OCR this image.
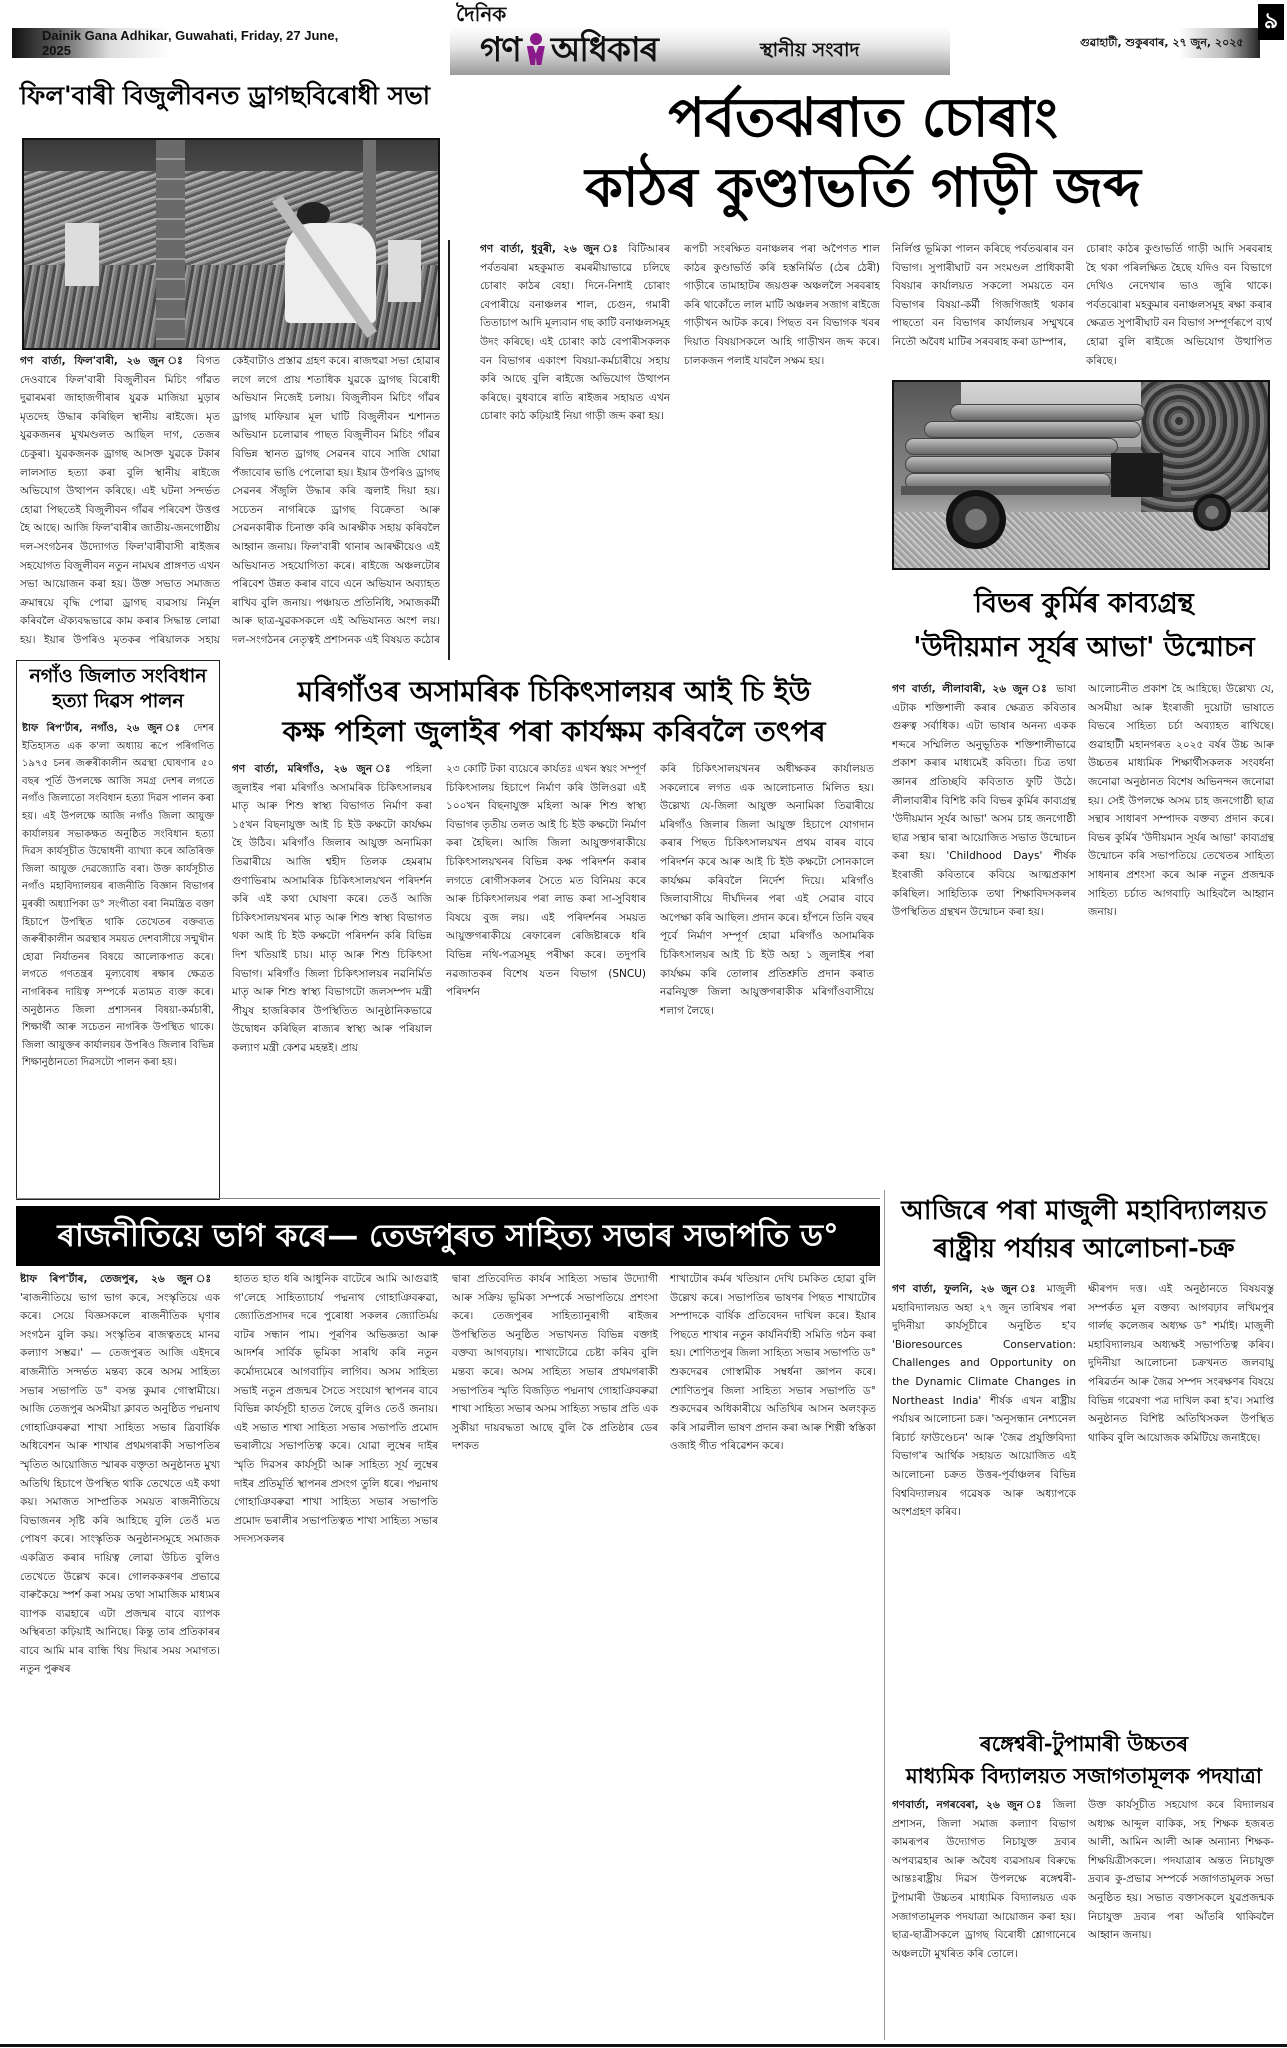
Dainik Gana Adhikar, Guwahati, Friday, 27 June, 2025
দৈনিক
গণ অধিকাৰ	স্থানীয় সংবাদ	গুৱাহাটী, শুকুৰবাৰ, ২৭ জুন, ২০২৫
৯
ফিল'বাৰী বিজুলীবনত ড্ৰাগছবিৰোধী সভা
গণ বাৰ্তা, ফিল'বাৰী, ২৬ জুন ঃ বিগত দেওবাৰে ফিল'বাৰী বিজুলীবন মিচিং গাঁৱত দুৱাৰমৰা জাহাজগীৰাৰ যুৱক মাজিয়া মুড়াৰ মৃতদেহ উদ্ধাৰ কৰিছিল স্থানীয় ৰাইজে। মৃত যুৱকজনৰ মুখমণ্ডলত আছিল দাগ, তেজৰ চেকুৰা। যুৱকজনক ড্ৰাগছ আসক্ত যুৱকে টকাৰ লালসাত হত্যা কৰা বুলি স্থানীয় ৰাইজে অভিযোগ উত্থাপন কৰিছে। এই ঘটনা সন্দৰ্ভত হোৱা পিছতেই বিজুলীবন গাঁৱৰ পৰিবেশ উত্তপ্ত হৈ আছে। আজি ফিল'বাৰীৰ জাতীয়-জনগোষ্ঠীয় দল-সংগঠনৰ উদ্যোগত ফিল'বাৰীবাসী ৰাইজৰ সহযোগত বিজুলীবন নতুন নামঘৰ প্ৰাঙ্গণত এখন সভা আয়োজন কৰা হয়। উক্ত সভাত সমাজত ক্ৰমান্বয়ে বৃদ্ধি পোৱা ড্ৰাগছ ব্যৱসায় নিৰ্মূল কৰিবলৈ ঐক্যবদ্ধভাৱে কাম কৰাৰ সিদ্ধান্ত লোৱা হয়। ইয়াৰ উপৰিও মৃতকৰ পৰিয়ালক সহায়
কেইবাটাও প্ৰস্তাৱ গ্ৰহণ কৰে। ৰাজহুৱা সভা হোৱাৰ লগে লগে প্ৰায় শতাধিক যুৱকে ড্ৰাগছ বিৰোধী অভিযান নিজেই চলায়। বিজুলীবন মিচিং গাঁৱৰ ড্ৰাগছ মাফিয়াৰ মূল ঘাটি বিজুলীবন শ্মশানত অভিযান চলোৱাৰ পাছত বিজুলীবন মিচিং গাঁৱৰ বিভিন্ন স্থানত ড্ৰাগছ সেৱনৰ বাবে সাজি থোৱা পঁজাবোৰ ভাঙি পেলোৱা হয়। ইয়াৰ উপৰিও ড্ৰাগছ সেৱনৰ সঁজুলি উদ্ধাৰ কৰি জ্বলাই দিয়া হয়। সচেতন নাগৰিকে ড্ৰাগছ বিক্ৰেতা আৰু সেৱনকাৰীক চিনাক্ত কৰি আৰক্ষীক সহায় কৰিবলৈ আহ্বান জনায়। ফিল'বাৰী থানাৰ আৰক্ষীয়েও এই অভিযানত সহযোগিতা কৰে। ৰাইজে অঞ্চলটোৰ পৰিবেশ উন্নত কৰাৰ বাবে এনে অভিযান অব্যাহত ৰাখিব বুলি জনায়। পঞ্চায়ত প্ৰতিনিধি, সমাজকৰ্মী আৰু ছাত্ৰ-যুৱকসকলে এই অভিযানত অংশ লয়। দল-সংগঠনৰ নেতৃত্বই প্ৰশাসনক এই বিষয়ত কঠোৰ
পৰ্বতঝৰাত চোৰাং
কাঠৰ কুণ্ডাভৰ্তি গাড়ী জব্দ
গণ বাৰ্তা, ধুবুৰী, ২৬ জুন ঃ বিটিআৰৰ পৰ্বতঝৰা মহকুমাত ৰমৰমীয়াভাৱে চলিছে চোৰাং কাঠৰ বেহা। দিনে-নিশাই চোৰাং বেপাৰীয়ে বনাঞ্চলৰ শাল, চেগুন, গমাৰী তিতাচাপ আদি মূল্যবান গছ কাটি বনাঞ্চলসমূহ উদং কৰিছে। এই চোৰাং কাঠ বেপাৰীসকলক বন বিভাগৰ একাংশ বিষয়া-কৰ্মচাৰীয়ে সহায় কৰি আছে বুলি ৰাইজে অভিযোগ উত্থাপন কৰিছে। বুধবাৰে ৰাতি ৰাইজৰ সহায়ত এখন চোৰাং কাঠ কঢ়িয়াই নিয়া গাড়ী জব্দ কৰা হয়।
ৰূপচী সংৰক্ষিত বনাঞ্চলৰ পৰা অপৈণত শাল কাঠৰ কুণ্ডাভৰ্তি কৰি হস্তনিৰ্মিত (ঠেৰ ঠেৰী) গাড়ীৰে তামাহাটৰ জয়গুৰু অঞ্চললৈ সৰবৰাহ কৰি থাকোঁতে লাল মাটি অঞ্চলৰ সজাগ ৰাইজে গাড়ীখন আটক কৰে। পিছত বন বিভাগক খবৰ দিয়াত বিষয়াসকলে আহি গাড়ীখন জব্দ কৰে। চালকজন পলাই যাবলৈ সক্ষম হয়।
নিৰ্লিপ্ত ভূমিকা পালন কৰিছে পৰ্বতঝৰাৰ বন বিভাগ। সুপাৰীঘাট বন সংমণ্ডল প্ৰাধিকাৰী বিষয়াৰ কাৰ্যালয়ত সকলো সময়তে বন বিভাগৰ বিষয়া-কৰ্মী গিজগিজাই থকাৰ পাছতো বন বিভাগৰ কাৰ্যালয়ৰ সম্মুখৰে নিতৌ অবৈধ মাটিৰ সৰবৰাহ কৰা ডাম্পাৰ,
চোৰাং কাঠৰ কুণ্ডাভৰ্তি গাড়ী আদি সৰবৰাহ হৈ থকা পৰিলক্ষিত হৈছে যদিও বন বিভাগে দেখিও নেদেখাৰ ভাও জুৰি থাকে। পৰ্বতঝোৰা মহকুমাৰ বনাঞ্চলসমূহ ৰক্ষা কৰাৰ ক্ষেত্ৰত সুপাৰীঘাট বন বিভাগ সম্পূৰ্ণৰূপে ব্যৰ্থ হোৱা বুলি ৰাইজে অভিযোগ উত্থাপিত কৰিছে।
নগাঁও জিলাত সংবিধান
হত্যা দিৱস পালন
ষ্টাফ ৰিপ'ৰ্টাৰ, নগাঁও, ২৬ জুন ঃ দেশৰ ইতিহাসত এক ক'লা অধ্যায় ৰূপে পৰিগণিত ১৯৭৫ চনৰ জৰুৰীকালীন অৱস্থা ঘোষণাৰ ৫০ বছৰ পূৰ্তি উপলক্ষে আজি সমগ্ৰ দেশৰ লগতে নগাঁও জিলাতো সংবিধান হত্যা দিৱস পালন কৰা হয়। এই উপলক্ষে আজি নগাঁও জিলা আয়ুক্ত কাৰ্যালয়ৰ সভাকক্ষত অনুষ্ঠিত সংবিধান হত্যা দিৱস কাৰ্যসূচীত উদ্বোধনী ব্যাখ্যা কৰে অতিৰিক্ত জিলা আয়ুক্ত দেৱজ্যোতি বৰা। উক্ত কাৰ্যসূচীত নগাঁও মহাবিদ্যালয়ৰ ৰাজনীতি বিজ্ঞান বিভাগৰ মুৰব্বী অধ্যাপিকা ড° সংগীতা বৰা নিমন্ত্ৰিত বক্তা হিচাপে উপস্থিত থাকি তেখেতৰ বক্তব্যত জৰুৰীকালীন অৱস্থাৰ সময়ত দেশবাসীয়ে সন্মুখীন হোৱা নিৰ্যাতনৰ বিষয়ে আলোকপাত কৰে। লগতে গণতন্ত্ৰৰ মূল্যবোধ ৰক্ষাৰ ক্ষেত্ৰত নাগৰিকৰ দায়িত্ব সম্পৰ্কে মতামত ব্যক্ত কৰে। অনুষ্ঠানত জিলা প্ৰশাসনৰ বিষয়া-কৰ্মচাৰী, শিক্ষাৰ্থী আৰু সচেতন নাগৰিক উপস্থিত থাকে। জিলা আয়ুক্তৰ কাৰ্যালয়ৰ উপৰিও জিলাৰ বিভিন্ন শিক্ষানুষ্ঠানতো দিৱসটো পালন কৰা হয়।
মৰিগাঁওৰ অসামৰিক চিকিৎসালয়ৰ আই চি ইউ
কক্ষ পহিলা জুলাইৰ পৰা কাৰ্যক্ষম কৰিবলৈ তৎপৰ
গণ বাৰ্তা, মৰিগাঁও, ২৬ জুন ঃ পহিলা জুলাইৰ পৰা মৰিগাঁও অসামৰিক চিকিৎসালয়ৰ মাতৃ আৰু শিশু স্বাস্থ্য বিভাগত নিৰ্মাণ কৰা ১৫খন বিছনাযুক্ত আই চি ইউ কক্ষটো কাৰ্যক্ষম হৈ উঠিব। মৰিগাঁও জিলাৰ আয়ুক্ত অনামিকা তিৱাৰীয়ে আজি শ্বহীদ তিলক হেমৰাম গুণাভিৰাম অসামৰিক চিকিৎসালয়খন পৰিদৰ্শন কৰি এই কথা ঘোষণা কৰে। তেওঁ আজি চিকিৎসালয়খনৰ মাতৃ আৰু শিশু স্বাস্থ্য বিভাগত থকা আই চি ইউ কক্ষটো পৰিদৰ্শন কৰি বিভিন্ন দিশ খতিয়াই চায়। মাতৃ আৰু শিশু চিকিৎসা বিভাগ। মৰিগাঁও জিলা চিকিৎসালয়ৰ নৱনিৰ্মিত মাতৃ আৰু শিশু স্বাস্থ্য বিভাগটো জলসম্পদ মন্ত্ৰী পীযুষ হাজৰিকাৰ উপস্থিতিত আনুষ্ঠানিকভাৱে উদ্বোধন কৰিছিল ৰাজ্যৰ স্বাস্থ্য আৰু পৰিয়াল কল্যাণ মন্ত্ৰী কেশৱ মহন্তই। প্ৰায়
২৩ কোটি টকা ব্যয়েৰে কাৰ্যতঃ এখন স্বয়ং সম্পূৰ্ণ চিকিৎসালয় হিচাপে নিৰ্মাণ কৰি উলিওৱা এই ১০০খন বিছনাযুক্ত মহিলা আৰু শিশু স্বাস্থ্য বিভাগৰ তৃতীয় তলত আই চি ইউ কক্ষটো নিৰ্মাণ কৰা হৈছিল। আজি জিলা আয়ুক্তগৰাকীয়ে চিকিৎসালয়খনৰ বিভিন্ন কক্ষ পৰিদৰ্শন কৰাৰ লগতে ৰোগীসকলৰ সৈতে মত বিনিময় কৰে আৰু চিকিৎসালয়ৰ পৰা লাভ কৰা সা-সুবিধাৰ বিষয়ে বুজ লয়। এই পৰিদৰ্শনৰ সময়ত আয়ুক্তগৰাকীয়ে ৰেফাৰেল ৰেজিষ্টাৰকে ধৰি বিভিন্ন নথি-পত্ৰসমূহ পৰীক্ষা কৰে। তদুপৰি নৱজাতকৰ বিশেষ যতন বিভাগ (SNCU) পৰিদৰ্শন
কৰি চিকিৎসালয়খনৰ অধীক্ষকৰ কাৰ্যালয়ত সকলোৰে লগত এক আলোচনাত মিলিত হয়। উল্লেখ্য যে-জিলা আয়ুক্ত অনামিকা তিৱাৰীয়ে মৰিগাঁও জিলাৰ জিলা আয়ুক্ত হিচাপে যোগদান কৰাৰ পিছত চিকিৎসালয়খন প্ৰথম বাৰৰ বাবে পৰিদৰ্শন কৰে আৰু আই চি ইউ কক্ষটো সোনকালে কাৰ্যক্ষম কৰিবলৈ নিৰ্দেশ দিয়ে। মৰিগাঁও জিলাবাসীয়ে দীৰ্ঘদিনৰ পৰা এই সেৱাৰ বাবে অপেক্ষা কৰি আছিল। প্ৰদান কৰে। হাঁপনে তিনি বছৰ পূৰ্বে নিৰ্মাণ সম্পূৰ্ণ হোৱা মৰিগাঁও অসামৰিক চিকিৎসালয়ৰ আই চি ইউ অহা ১ জুলাইৰ পৰা কাৰ্যক্ষম কৰি তোলাৰ প্ৰতিশ্ৰুতি প্ৰদান কৰাত নৱনিযুক্ত জিলা আয়ুক্তগৰাকীক মৰিগাঁওবাসীয়ে শলাগ লৈছে।
বিভৰ কুৰ্মিৰ কাব্যগ্ৰন্থ
'উদীয়মান সূৰ্যৰ আভা' উন্মোচন
গণ বাৰ্তা, লীলাবাৰী, ২৬ জুন ঃ ভাষা এটাক শক্তিশালী কৰাৰ ক্ষেত্ৰত কবিতাৰ গুৰুত্ব সৰ্বাধিক। এটা ভাষাৰ অনন্য একক শব্দৰে সম্মিলিত অনুভূতিক শক্তিশালীভাৱে প্ৰকাশ কৰাৰ মাধ্যমেই কবিতা। চিত্ৰ তথা জ্ঞানৰ প্ৰতিচ্ছবি কবিতাত ফুটি উঠে। লীলাবাৰীৰ বিশিষ্ট কবি বিভৰ কুৰ্মিৰ কাব্যগ্ৰন্থ 'উদীয়মান সূৰ্যৰ আভা' অসম চাহ জনগোষ্ঠী ছাত্ৰ সন্থাৰ দ্বাৰা আয়োজিত সভাত উন্মোচন কৰা হয়। 'Childhood Days' শীৰ্ষক ইংৰাজী কবিতাৰে কবিয়ে আত্মপ্ৰকাশ কৰিছিল। সাহিত্যিক তথা শিক্ষাবিদসকলৰ উপস্থিতিত গ্ৰন্থখন উন্মোচন কৰা হয়।
আলোচনীত প্ৰকাশ হৈ আহিছে। উল্লেখ্য যে, অসমীয়া আৰু ইংৰাজী দুয়োটা ভাষাতে বিভৰে সাহিত্য চৰ্চা অব্যাহত ৰাখিছে। গুৱাহাটী মহানগৰত ২০২৫ বৰ্ষৰ উচ্চ আৰু উচ্চতৰ মাধ্যমিক শিক্ষাৰ্থীসকলক সংবৰ্ধনা জনোৱা অনুষ্ঠানত বিশেষ অভিনন্দন জনোৱা হয়। সেই উপলক্ষে অসম চাহ জনগোষ্ঠী ছাত্ৰ সন্থাৰ সাধাৰণ সম্পাদক বক্তব্য প্ৰদান কৰে। বিভৰ কুৰ্মিৰ 'উদীয়মান সূৰ্যৰ আভা' কাব্যগ্ৰন্থ উন্মোচন কৰি সভাপতিয়ে তেখেতৰ সাহিত্য সাধনাৰ প্ৰশংসা কৰে আৰু নতুন প্ৰজন্মক সাহিত্য চৰ্চাত আগবাঢ়ি আহিবলৈ আহ্বান জনায়।
ৰাজনীতিয়ে ভাগ কৰে— তেজপুৰত সাহিত্য সভাৰ সভাপতি ড° গোস্বামী
ষ্টাফ ৰিপ'ৰ্টাৰ, তেজপুৰ, ২৬ জুন ঃ 'ৰাজনীতিয়ে ভাগ ভাগ কৰে, সংস্কৃতিয়ে এক কৰে। সেয়ে বিজ্ঞসকলে ৰাজনীতিক ঘৃণাৰ সংগঠন বুলি কয়। সংস্কৃতিৰ ৰাজত্বতহে মানৱ কল্যাণ সম্ভৱ।' — তেজপুৰত আজি এইদৰে ৰাজনীতি সন্দৰ্ভত মন্তব্য কৰে অসম সাহিত্য সভাৰ সভাপতি ড° বসন্ত কুমাৰ গোস্বামীয়ে। আজি তেজপুৰ অসমীয়া ক্লাবত অনুষ্ঠিত পদ্মনাথ গোহাঞিবৰুৱা শাখা সাহিত্য সভাৰ ত্ৰিবাৰ্ষিক অধিবেশন আৰু শাখাৰ প্ৰথমগৰাকী সভাপতিৰ স্মৃতিত আয়োজিত স্মাৰক বক্তৃতা অনুষ্ঠানত মুখ্য অতিথি হিচাপে উপস্থিত থাকি তেখেতে এই কথা কয়। সমাজত সাম্প্ৰতিক সময়ত ৰাজনীতিয়ে বিভাজনৰ সৃষ্টি কৰি আহিছে বুলি তেওঁ মত পোষণ কৰে। সাংস্কৃতিক অনুষ্ঠানসমূহে সমাজক একত্ৰিত কৰাৰ দায়িত্ব লোৱা উচিত বুলিও তেখেতে উল্লেখ কৰে। গোলককৰণৰ প্ৰভাৱে বাৰুকৈয়ে স্পৰ্শ কৰা সময় তথা সামাজিক মাধ্যমৰ ব্যাপক ব্যৱহাৰে এটা প্ৰজন্মৰ বাবে ব্যাপক অস্থিৰতা কঢ়িয়াই আনিছে। কিন্তু তাৰ প্ৰতিকাৰৰ বাবে আমি মাৰ বান্ধি থিয় দিয়াৰ সময় সমাগত। নতুন পুৰুষৰ
হাতত হাত ধৰি আধুনিক বাটেৰে আমি আগুৱাই গ'লেহে সাহিত্যাচাৰ্য পদ্মনাথ গোহাঞিবৰুৱা, জ্যোতিপ্ৰসাদৰ দৰে পুৰোধা সকলৰ জ্যোতিৰ্ময় বাটৰ সন্ধান পাম। পূৰণিৰ অভিজ্ঞতা আৰু আদৰ্শৰ সাৰ্বিক ভূমিকা সাৰথি কৰি নতুন কৰ্মোদ্যমেৰে আগবাঢ়িব লাগিব। অসম সাহিত্য সভাই নতুন প্ৰজন্মৰ সৈতে সংযোগ স্থাপনৰ বাবে বিভিন্ন কাৰ্যসূচী হাতত লৈছে বুলিও তেওঁ জনায়। এই সভাত শাখা সাহিত্য সভাৰ সভাপতি প্ৰমোদ ভৰালীয়ে সভাপতিত্ব কৰে। যোৱা লুম্বেৰ দাইৰ স্মৃতি দিৱসৰ কাৰ্যসূচী আৰু সাহিত্য সূৰ্য লুম্বেৰ দাইৰ প্ৰতিমূৰ্তি স্থাপনৰ প্ৰসংগ তুলি ধৰে। পদ্মনাথ গোহাঞিবৰুৱা শাখা সাহিত্য সভাৰ সভাপতি প্ৰমোদ ভৰালীৰ সভাপতিত্বত শাখা সাহিত্য সভাৰ সদস্যসকলৰ
দ্বাৰা প্ৰতিবেদিত কাৰ্যৰ সাহিত্য সভাৰ উদ্যোগী আৰু সক্ৰিয় ভূমিকা সম্পৰ্কে সভাপতিয়ে প্ৰশংসা কৰে। তেজপুৰৰ সাহিত্যানুৰাগী ৰাইজৰ উপস্থিতিত অনুষ্ঠিত সভাখনত বিভিন্ন বক্তাই বক্তব্য আগবঢ়ায়। শাখাটোৱে চেষ্টা কৰিব বুলি মন্তব্য কৰে। অসম সাহিত্য সভাৰ প্ৰথমগৰাকী সভাপতিৰ স্মৃতি বিজড়িত পদ্মনাথ গোহাঞিবৰুৱা শাখা সাহিত্য সভাৰ অসম সাহিত্য সভাৰ প্ৰতি এক সুকীয়া দায়বদ্ধতা আছে বুলি কৈ প্ৰতিষ্ঠাৰ ডেৰ দশকত
শাখাটোৰ কৰ্মৰ খতিয়ান দেখি চমকিত হোৱা বুলি উল্লেখ কৰে। সভাপতিৰ ভাষণৰ পিছত শাখাটোৰ সম্পাদকে বাৰ্ষিক প্ৰতিবেদন দাখিল কৰে। ইয়াৰ পিছতে শাখাৰ নতুন কাৰ্যনিৰ্বাহী সমিতি গঠন কৰা হয়। শোণিতপুৰ জিলা সাহিত্য সভাৰ সভাপতি ড° শুকদেৱৰ গোস্বামীক সম্বৰ্ধনা জ্ঞাপন কৰে। শোণিতপুৰ জিলা সাহিত্য সভাৰ সভাপতি ড° শুকদেৱৰ অধিকাৰীয়ে অতিথিৰ আসন অলংকৃত কৰি সাৱলীল ভাষণ প্ৰদান কৰা আৰু শিল্পী স্বস্তিকা ওজাই গীত পৰিৱেশন কৰে।
আজিৰে পৰা মাজুলী মহাবিদ্যালয়ত
ৰাষ্ট্ৰীয় পৰ্যায়ৰ আলোচনা-চক্ৰ
গণ বাৰ্তা, ফুলনি, ২৬ জুন ঃ মাজুলী মহাবিদ্যালয়ত অহা ২৭ জুন তাৰিখৰ পৰা দুদিনীয়া কাৰ্যসূচীৰে অনুষ্ঠিত হ'ব 'Bioresources Conservation: Challenges and Opportunity on the Dynamic Climate Changes in Northeast India' শীৰ্ষক এখন ৰাষ্ট্ৰীয় পৰ্যায়ৰ আলোচনা চক্ৰ। 'অনুসন্ধান নেশ্যনেল ৰিচাৰ্চ ফাউণ্ডেচন' আৰু 'জৈৱ প্ৰযুক্তিবিদ্যা বিভাগ'ৰ আৰ্থিক সহায়ত আয়োজিত এই আলোচনা চক্ৰত উত্তৰ-পূৰ্বাঞ্চলৰ বিভিন্ন বিশ্ববিদ্যালয়ৰ গৱেষক আৰু অধ্যাপকে অংশগ্ৰহণ কৰিব।
ক্ষীৰপদ দত্ত। এই অনুষ্ঠানতে বিষয়বস্তু সম্পৰ্কত মূল বক্তব্য আগবঢ়াব লখিমপুৰ গাৰ্লছ কলেজৰ অধ্যক্ষ ড° শৰ্মাই। মাজুলী মহাবিদ্যালয়ৰ অধ্যক্ষই সভাপতিত্ব কৰিব। দুদিনীয়া আলোচনা চক্ৰখনত জলবায়ু পৰিৱৰ্তন আৰু জৈৱ সম্পদ সংৰক্ষণৰ বিষয়ে বিভিন্ন গৱেষণা পত্ৰ দাখিল কৰা হ'ব। সমাপ্তি অনুষ্ঠানত বিশিষ্ট অতিথিসকল উপস্থিত থাকিব বুলি আয়োজক কমিটিয়ে জনাইছে।
ৰঙ্গেশ্বৰী-টুপামাৰী উচ্চতৰ
মাধ্যমিক বিদ্যালয়ত সজাগতামূলক পদযাত্ৰা
গণবাৰ্তা, নগৰবেৰা, ২৬ জুন ঃ জিলা প্ৰশাসন, জিলা সমাজ কল্যাণ বিভাগ কামৰূপৰ উদ্যোগত নিচাযুক্ত দ্ৰব্যৰ অপব্যৱহাৰ আৰু অবৈধ ব্যৱসায়ৰ বিৰুদ্ধে আন্তঃৰাষ্ট্ৰীয় দিৱস উপলক্ষে ৰঙ্গেশ্বৰী-টুপামাৰী উচ্চতৰ মাধ্যমিক বিদ্যালয়ত এক সজাগতামূলক পদযাত্ৰা আয়োজন কৰা হয়। ছাত্ৰ-ছাত্ৰীসকলে ড্ৰাগছ বিৰোধী শ্লোগানেৰে অঞ্চলটো মুখৰিত কৰি তোলে।
উক্ত কাৰ্যসূচীত সহযোগ কৰে বিদ্যালয়ৰ অধ্যক্ষ আব্দুল বাকিক, সহ শিক্ষক হজৰত আলী, আমিন আলী আৰু অন্যান্য শিক্ষক-শিক্ষয়িত্ৰীসকলে। পদযাত্ৰাৰ অন্তত নিচাযুক্ত দ্ৰব্যৰ কু-প্ৰভাৱ সম্পৰ্কে সজাগতামূলক সভা অনুষ্ঠিত হয়। সভাত বক্তাসকলে যুৱপ্ৰজন্মক নিচাযুক্ত দ্ৰব্যৰ পৰা আঁতৰি থাকিবলৈ আহ্বান জনায়।
